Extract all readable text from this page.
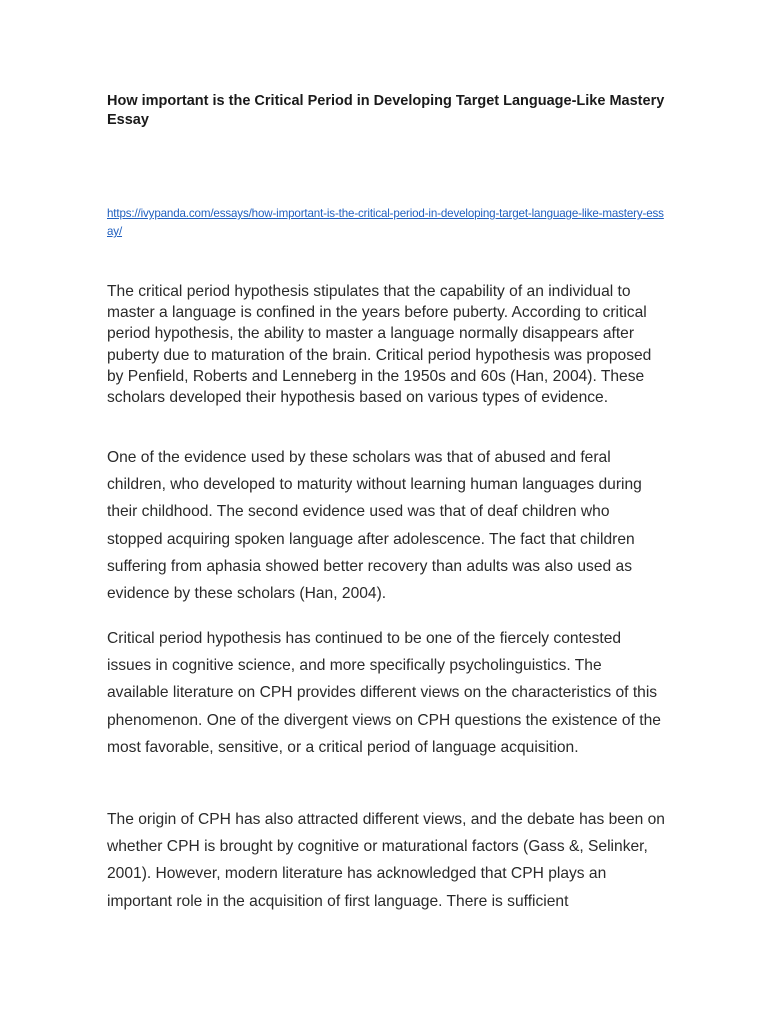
How important is the Critical Period in Developing Target Language-Like Mastery Essay
https://ivypanda.com/essays/how-important-is-the-critical-period-in-developing-target-language-like-mastery-essay/

The critical period hypothesis stipulates that the capability of an individual to master a language is confined in the years before puberty. According to critical period hypothesis, the ability to master a language normally disappears after puberty due to maturation of the brain. Critical period hypothesis was proposed by Penfield, Roberts and Lenneberg in the 1950s and 60s (Han, 2004). These scholars developed their hypothesis based on various types of evidence.

One of the evidence used by these scholars was that of abused and feral children, who developed to maturity without learning human languages during their childhood. The second evidence used was that of deaf children who stopped acquiring spoken language after adolescence. The fact that children suffering from aphasia showed better recovery than adults was also used as evidence by these scholars (Han, 2004).

Critical period hypothesis has continued to be one of the fiercely contested issues in cognitive science, and more specifically psycholinguistics. The available literature on CPH provides different views on the characteristics of this phenomenon. One of the divergent views on CPH questions the existence of the most favorable, sensitive, or a critical period of language acquisition.

The origin of CPH has also attracted different views, and the debate has been on whether CPH is brought by cognitive or maturational factors (Gass &, Selinker, 2001). However, modern literature has acknowledged that CPH plays an important role in the acquisition of first language. There is sufficient
